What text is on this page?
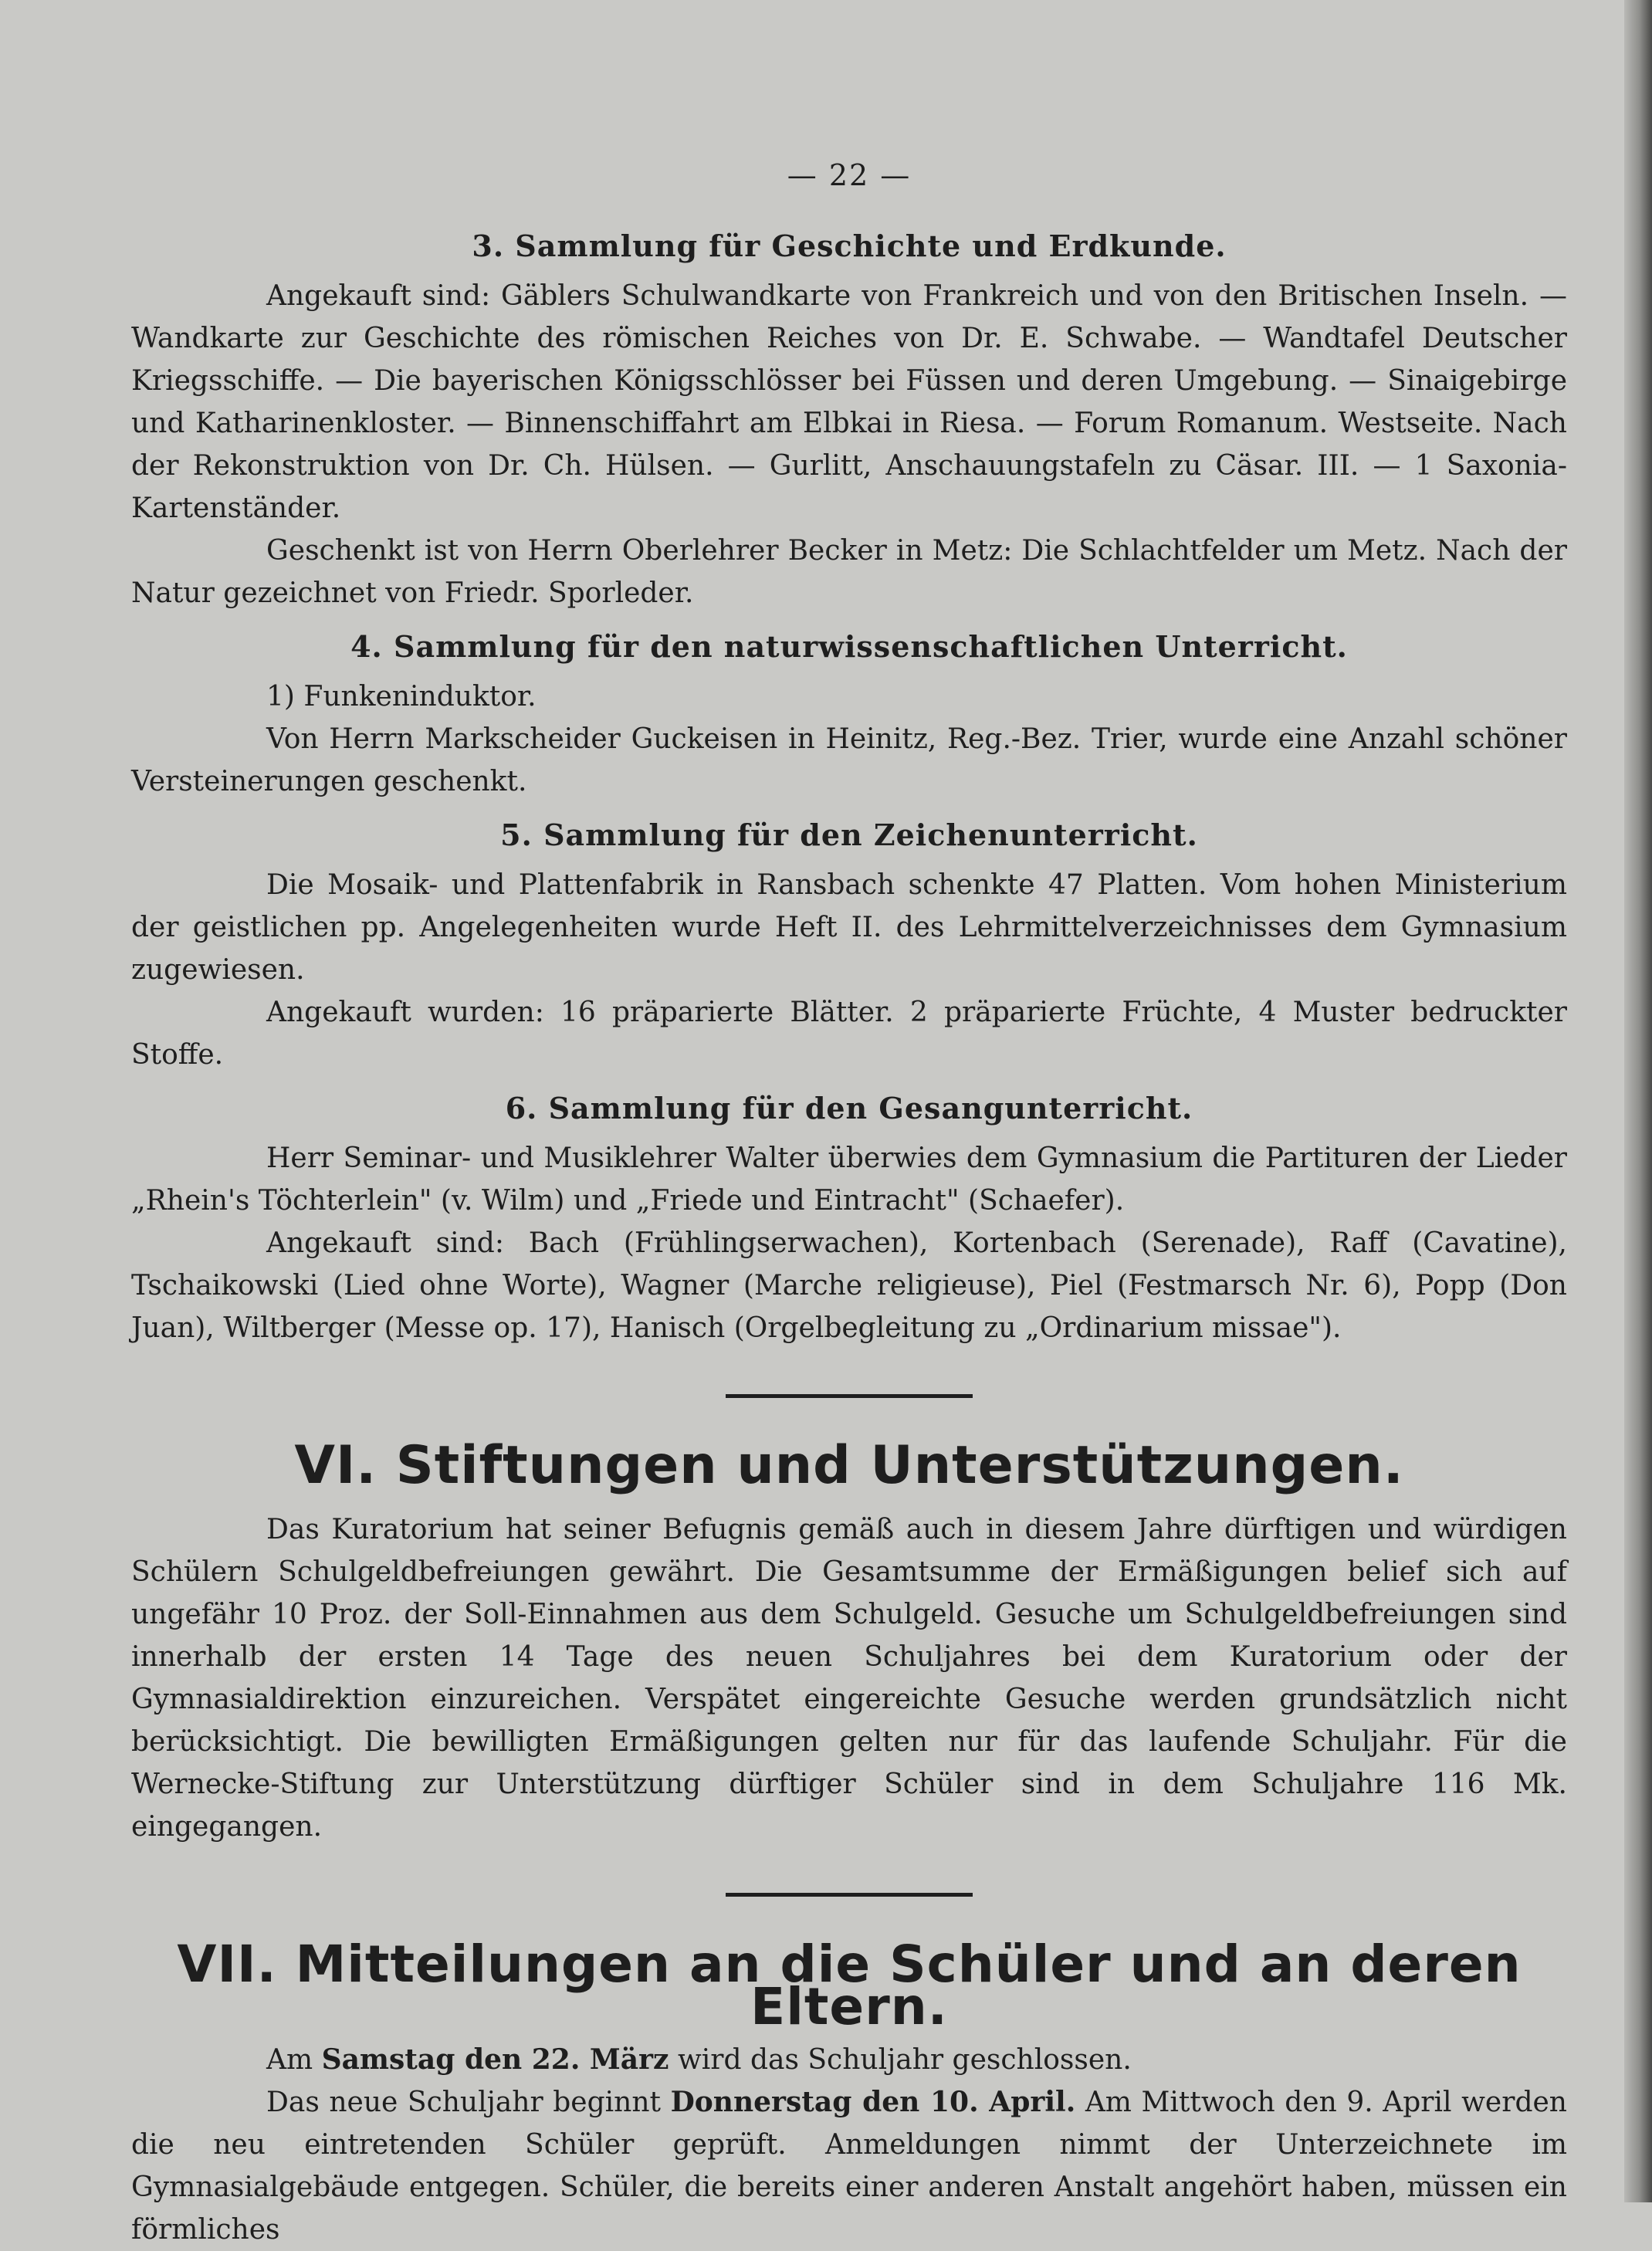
— 22 —
3. Sammlung für Geschichte und Erdkunde.

Angekauft sind: Gäblers Schulwandkarte von Frankreich und von den Britischen Inseln. — Wandkarte zur Geschichte des römischen Reiches von Dr. E. Schwabe. — Wandtafel Deutscher Kriegsschiffe. — Die bayerischen Königsschlösser bei Füssen und deren Umgebung. — Sinaigebirge und Katharinenkloster. — Binnenschiffahrt am Elbkai in Riesa. — Forum Romanum. Westseite. Nach der Rekonstruktion von Dr. Ch. Hülsen. — Gurlitt, Anschauungstafeln zu Cäsar. III. — 1 Saxonia-Kartenständer.

Geschenkt ist von Herrn Oberlehrer Becker in Metz: Die Schlachtfelder um Metz. Nach der Natur gezeichnet von Friedr. Sporleder.

4. Sammlung für den naturwissenschaftlichen Unterricht.

1) Funkeninduktor.

Von Herrn Markscheider Guckeisen in Heinitz, Reg.-Bez. Trier, wurde eine Anzahl schöner Versteinerungen geschenkt.

5. Sammlung für den Zeichenunterricht.

Die Mosaik- und Plattenfabrik in Ransbach schenkte 47 Platten. Vom hohen Ministerium der geistlichen pp. Angelegenheiten wurde Heft II. des Lehrmittelverzeichnisses dem Gymnasium zugewiesen.

Angekauft wurden: 16 präparierte Blätter. 2 präparierte Früchte, 4 Muster bedruckter Stoffe.

6. Sammlung für den Gesangunterricht.

Herr Seminar- und Musiklehrer Walter überwies dem Gymnasium die Partituren der Lieder „Rhein's Töchterlein" (v. Wilm) und „Friede und Eintracht" (Schaefer).

Angekauft sind: Bach (Frühlingserwachen), Kortenbach (Serenade), Raff (Cavatine), Tschaikowski (Lied ohne Worte), Wagner (Marche religieuse), Piel (Festmarsch Nr. 6), Popp (Don Juan), Wiltberger (Messe op. 17), Hanisch (Orgelbegleitung zu „Ordinarium missae").

VI. Stiftungen und Unterstützungen.

Das Kuratorium hat seiner Befugnis gemäß auch in diesem Jahre dürftigen und würdigen Schülern Schulgeldbefreiungen gewährt. Die Gesamtsumme der Ermäßigungen belief sich auf ungefähr 10 Proz. der Soll-Einnahmen aus dem Schulgeld. Gesuche um Schulgeldbefreiungen sind innerhalb der ersten 14 Tage des neuen Schuljahres bei dem Kuratorium oder der Gymnasialdirektion einzureichen. Verspätet eingereichte Gesuche werden grundsätzlich nicht berücksichtigt. Die bewilligten Ermäßigungen gelten nur für das laufende Schuljahr. Für die Wernecke-Stiftung zur Unterstützung dürftiger Schüler sind in dem Schuljahre 116 Mk. eingegangen.

VII. Mitteilungen an die Schüler und an deren Eltern.

Am Samstag den 22. März wird das Schuljahr geschlossen.

Das neue Schuljahr beginnt Donnerstag den 10. April. Am Mittwoch den 9. April werden die neu eintretenden Schüler geprüft. Anmeldungen nimmt der Unterzeichnete im Gymnasialgebäude entgegen. Schüler, die bereits einer anderen Anstalt angehört haben, müssen ein förmliches
